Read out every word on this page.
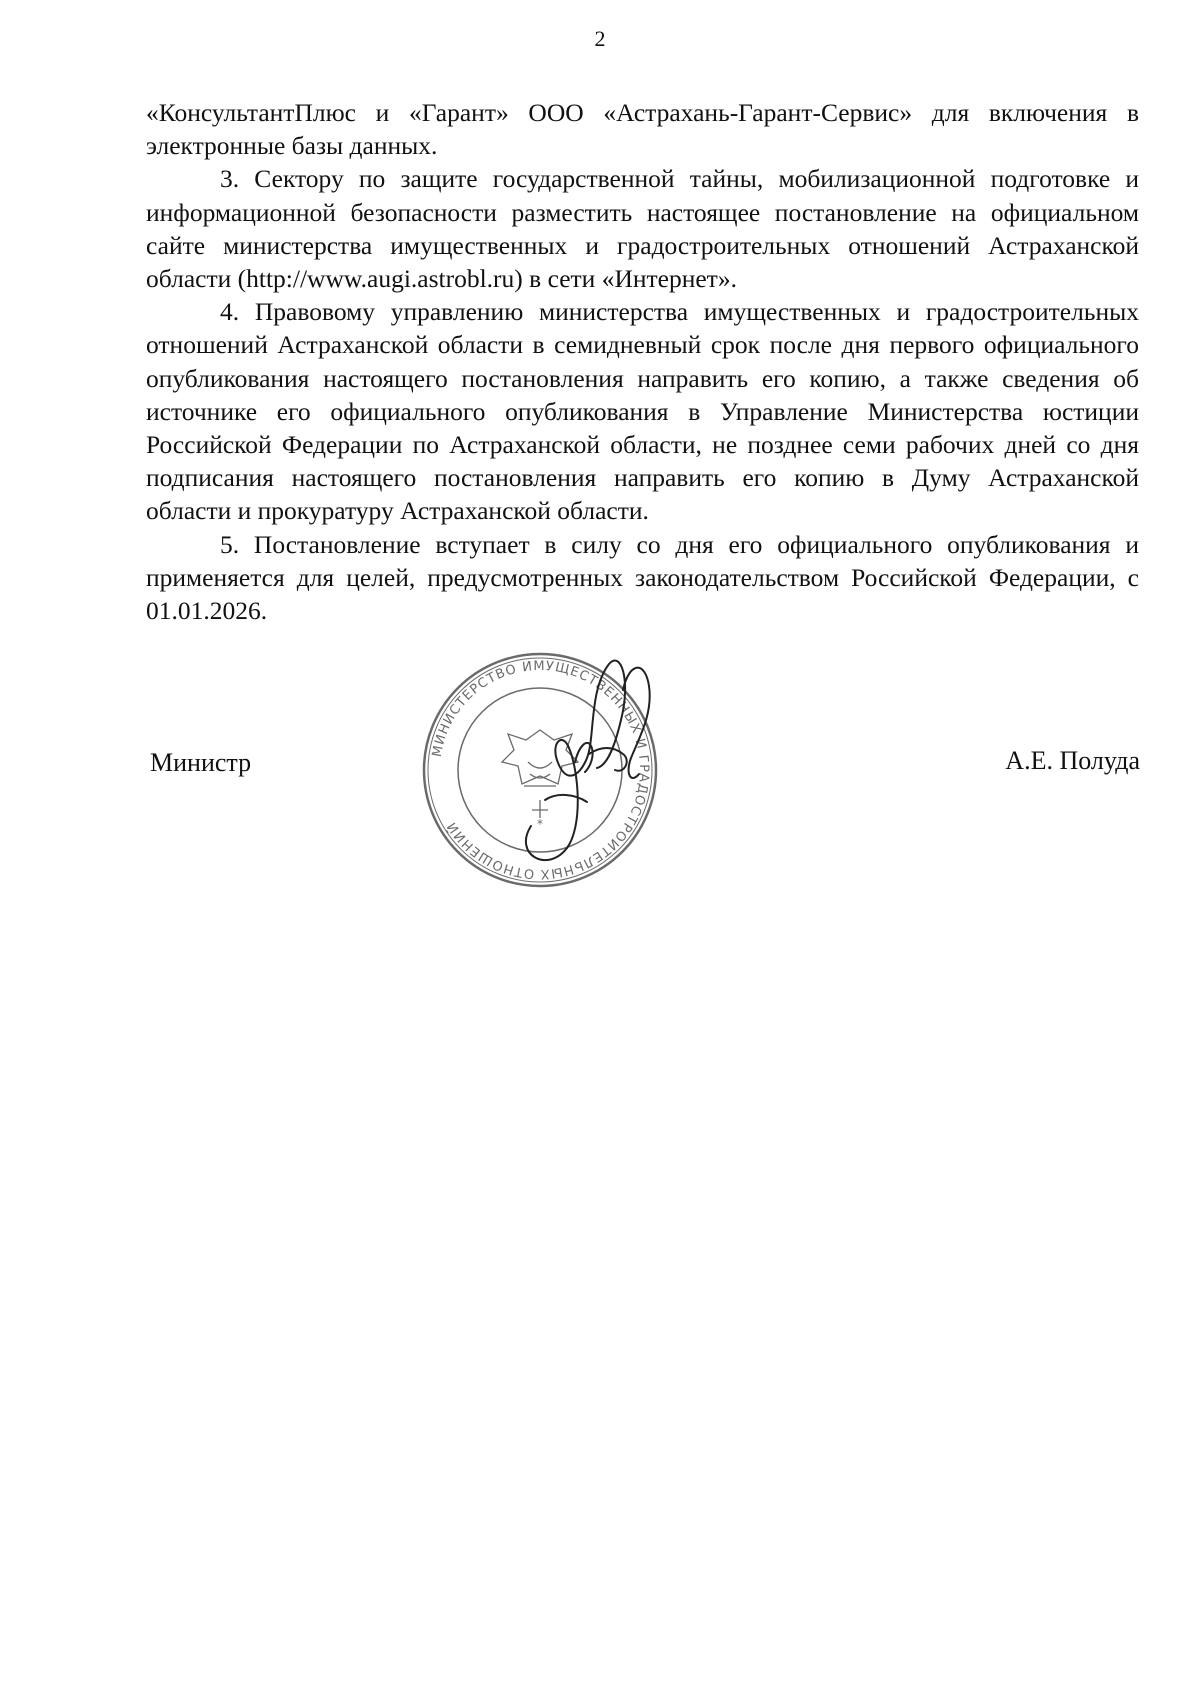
2

«КонсультантПлюс и «Гарант» ООО «Астрахань-Гарант-Сервис» для включения в электронные базы данных.

3. Сектору по защите государственной тайны, мобилизационной подготовке и информационной безопасности разместить настоящее постановление на официальном сайте министерства имущественных и градостроительных отношений Астраханской области (http://www.augi.astrobl.ru) в сети «Интернет».

4. Правовому управлению министерства имущественных и градостроительных отношений Астраханской области в семидневный срок после дня первого официального опубликования настоящего постановления направить его копию, а также сведения об источнике его официального опубликования в Управление Министерства юстиции Российской Федерации по Астраханской области, не позднее семи рабочих дней со дня подписания настоящего постановления направить его копию в Думу Астраханской области и прокуратуру Астраханской области.

5. Постановление вступает в силу со дня его официального опубликования и применяется для целей, предусмотренных законодательством Российской Федерации, с 01.01.2026.

Министр	МИНИСТЕРСТВО ИМУЩЕСТВЕННЫХ И ГРАДОСТРОИТЕЛЬНЫХ ОТНОШЕНИЙ	*
А.Е. Полуда
